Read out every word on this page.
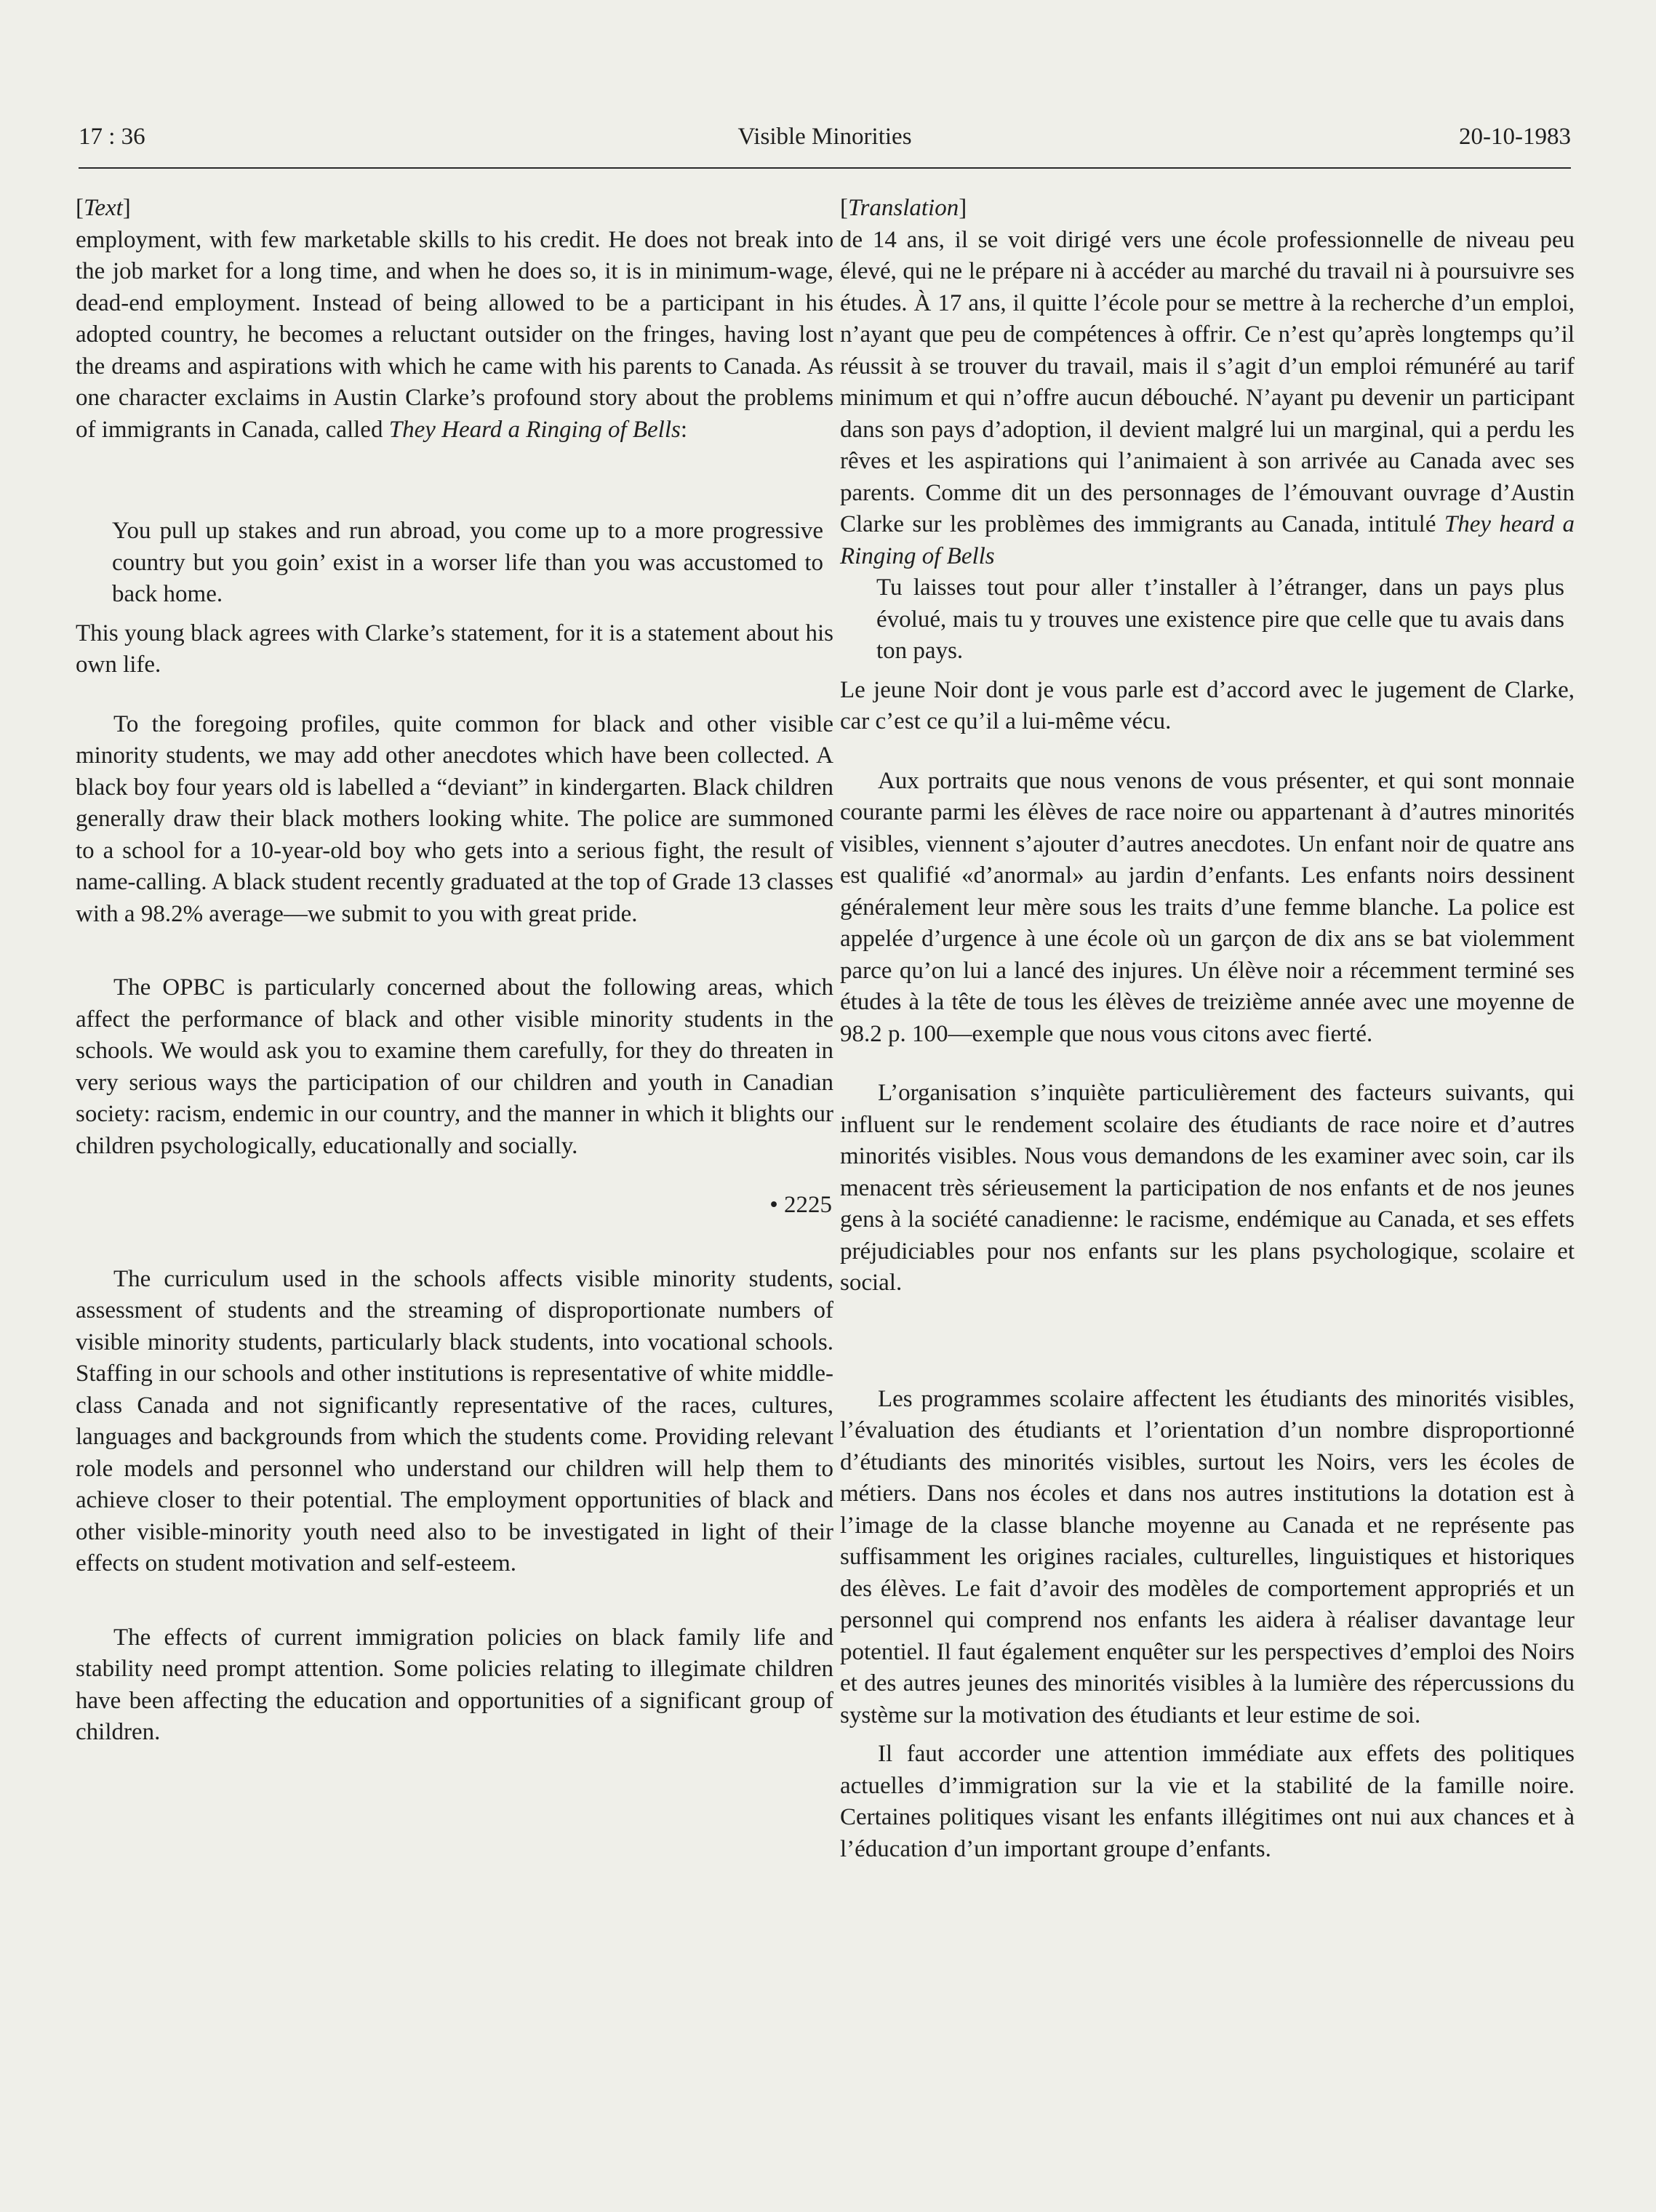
Visible Minorities
17 : 36	20-10-1983

[Text]

employment, with few marketable skills to his credit. He does not break into the job market for a long time, and when he does so, it is in minimum-wage, dead-end employment. Instead of being allowed to be a participant in his adopted country, he becomes a reluctant outsider on the fringes, having lost the dreams and aspirations with which he came with his parents to Canada. As one character exclaims in Austin Clarke’s profound story about the problems of immigrants in Canada, called They Heard a Ringing of Bells:

You pull up stakes and run abroad, you come up to a more progressive country but you goin’ exist in a worser life than you was accustomed to back home.

This young black agrees with Clarke’s statement, for it is a statement about his own life.

To the foregoing profiles, quite common for black and other visible minority students, we may add other anecdotes which have been collected. A black boy four years old is labelled a “deviant” in kindergarten. Black children generally draw their black mothers looking white. The police are summoned to a school for a 10-year-old boy who gets into a serious fight, the result of name-calling. A black student recently graduated at the top of Grade 13 classes with a 98.2% average—we submit to you with great pride.

The OPBC is particularly concerned about the following areas, which affect the performance of black and other visible minority students in the schools. We would ask you to examine them carefully, for they do threaten in very serious ways the participation of our children and youth in Canadian society: racism, endemic in our country, and the manner in which it blights our children psychologically, educationally and socially.

• 2225

The curriculum used in the schools affects visible minority students, assessment of students and the streaming of disproportionate numbers of visible minority students, particularly black students, into vocational schools. Staffing in our schools and other institutions is representative of white middle-class Canada and not significantly representative of the races, cultures, languages and backgrounds from which the students come. Providing relevant role models and personnel who understand our children will help them to achieve closer to their potential. The employment opportunities of black and other visible-minority youth need also to be investigated in light of their effects on student motivation and self-esteem.

The effects of current immigration policies on black family life and stability need prompt attention. Some policies relating to illegimate children have been affecting the education and opportunities of a significant group of children.

[Translation]

de 14 ans, il se voit dirigé vers une école professionnelle de niveau peu élevé, qui ne le prépare ni à accéder au marché du travail ni à poursuivre ses études. À 17 ans, il quitte l’école pour se mettre à la recherche d’un emploi, n’ayant que peu de compétences à offrir. Ce n’est qu’après longtemps qu’il réussit à se trouver du travail, mais il s’agit d’un emploi rémunéré au tarif minimum et qui n’offre aucun débouché. N’ayant pu devenir un participant dans son pays d’adoption, il devient malgré lui un marginal, qui a perdu les rêves et les aspirations qui l’animaient à son arrivée au Canada avec ses parents. Comme dit un des personnages de l’émouvant ouvrage d’Austin Clarke sur les problèmes des immigrants au Canada, intitulé They heard a Ringing of Bells

Tu laisses tout pour aller t’installer à l’étranger, dans un pays plus évolué, mais tu y trouves une existence pire que celle que tu avais dans ton pays.

Le jeune Noir dont je vous parle est d’accord avec le jugement de Clarke, car c’est ce qu’il a lui-même vécu.

Aux portraits que nous venons de vous présenter, et qui sont monnaie courante parmi les élèves de race noire ou appartenant à d’autres minorités visibles, viennent s’ajouter d’autres anecdotes. Un enfant noir de quatre ans est qualifié «d’anormal» au jardin d’enfants. Les enfants noirs dessinent généralement leur mère sous les traits d’une femme blanche. La police est appelée d’urgence à une école où un garçon de dix ans se bat violemment parce qu’on lui a lancé des injures. Un élève noir a récemment terminé ses études à la tête de tous les élèves de treizième année avec une moyenne de 98.2 p. 100—exemple que nous vous citons avec fierté.

L’organisation s’inquiète particulièrement des facteurs suivants, qui influent sur le rendement scolaire des étudiants de race noire et d’autres minorités visibles. Nous vous demandons de les examiner avec soin, car ils menacent très sérieusement la participation de nos enfants et de nos jeunes gens à la société canadienne: le racisme, endémique au Canada, et ses effets préjudiciables pour nos enfants sur les plans psychologique, scolaire et social.

Les programmes scolaire affectent les étudiants des minorités visibles, l’évaluation des étudiants et l’orientation d’un nombre disproportionné d’étudiants des minorités visibles, surtout les Noirs, vers les écoles de métiers. Dans nos écoles et dans nos autres institutions la dotation est à l’image de la classe blanche moyenne au Canada et ne représente pas suffisamment les origines raciales, culturelles, linguistiques et historiques des élèves. Le fait d’avoir des modèles de comportement appropriés et un personnel qui comprend nos enfants les aidera à réaliser davantage leur potentiel. Il faut également enquêter sur les perspectives d’emploi des Noirs et des autres jeunes des minorités visibles à la lumière des répercussions du système sur la motivation des étudiants et leur estime de soi.

Il faut accorder une attention immédiate aux effets des politiques actuelles d’immigration sur la vie et la stabilité de la famille noire. Certaines politiques visant les enfants illégitimes ont nui aux chances et à l’éducation d’un important groupe d’enfants.
